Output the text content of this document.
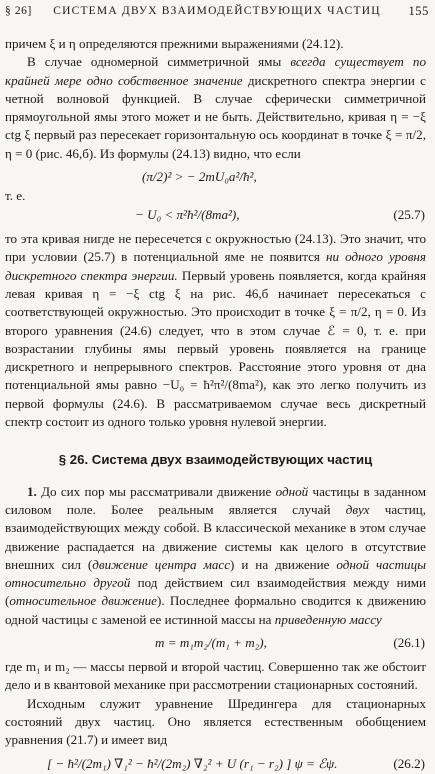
§ 26]	СИСТЕМА ДВУХ ВЗАИМОДЕЙСТВУЮЩИХ ЧАСТИЦ	155

причем ξ и η определяются прежними выражениями (24.12).

В случае одномерной симметричной ямы всегда существует по крайней мере одно собственное значение дискретного спектра энергии с четной волновой функцией. В случае сферически симметричной прямоугольной ямы этого может и не быть. Действительно, кривая η = −ξ ctg ξ первый раз пересекает горизонтальную ось координат в точке ξ = π/2, η = 0 (рис. 46,б). Из формулы (24.13) видно, что если

(π/2)² > − 2mU₀a²/ħ²,
т. е.
− U₀ < π²ħ²/(8ma²),	(25.7)

то эта кривая нигде не пересечется с окружностью (24.13). Это значит, что при условии (25.7) в потенциальной яме не появится ни одного уровня дискретного спектра энергии. Первый уровень появляется, когда крайняя левая кривая η = −ξ ctg ξ на рис. 46,б начинает пересекаться с соответствующей окружностью. Это происходит в точке ξ = π/2, η = 0. Из второго уравнения (24.6) следует, что в этом случае ℰ = 0, т. е. при возрастании глубины ямы первый уровень появляется на границе дискретного и непрерывного спектров. Расстояние этого уровня от дна потенциальной ямы равно −U₀ = ħ²π²/(8ma²), как это легко получить из первой формулы (24.6). В рассматриваемом случае весь дискретный спектр состоит из одного только уровня нулевой энергии.

§ 26. Система двух взаимодействующих частиц

1. До сих пор мы рассматривали движение одной частицы в заданном силовом поле. Более реальным является случай двух частиц, взаимодействующих между собой. В классической механике в этом случае движение распадается на движение системы как целого в отсутствие внешних сил (движение центра масс) и на движение одной частицы относительно другой под действием сил взаимодействия между ними (относительное движение). Последнее формально сводится к движению одной частицы с заменой ее истинной массы на приведенную массу

m = m₁m₂/(m₁ + m₂),	(26.1)

где m₁ и m₂ — массы первой и второй частиц. Совершенно так же обстоит дело и в квантовой механике при рассмотрении стационарных состояний.

Исходным служит уравнение Шредингера для стационарных состояний двух частиц. Оно является естественным обобщением уравнения (21.7) и имеет вид

[ − ħ²/(2m₁) ∇₁² − ħ²/(2m₂) ∇₂² + U (r₁ − r₂) ] ψ = ℰψ.	(26.2)
